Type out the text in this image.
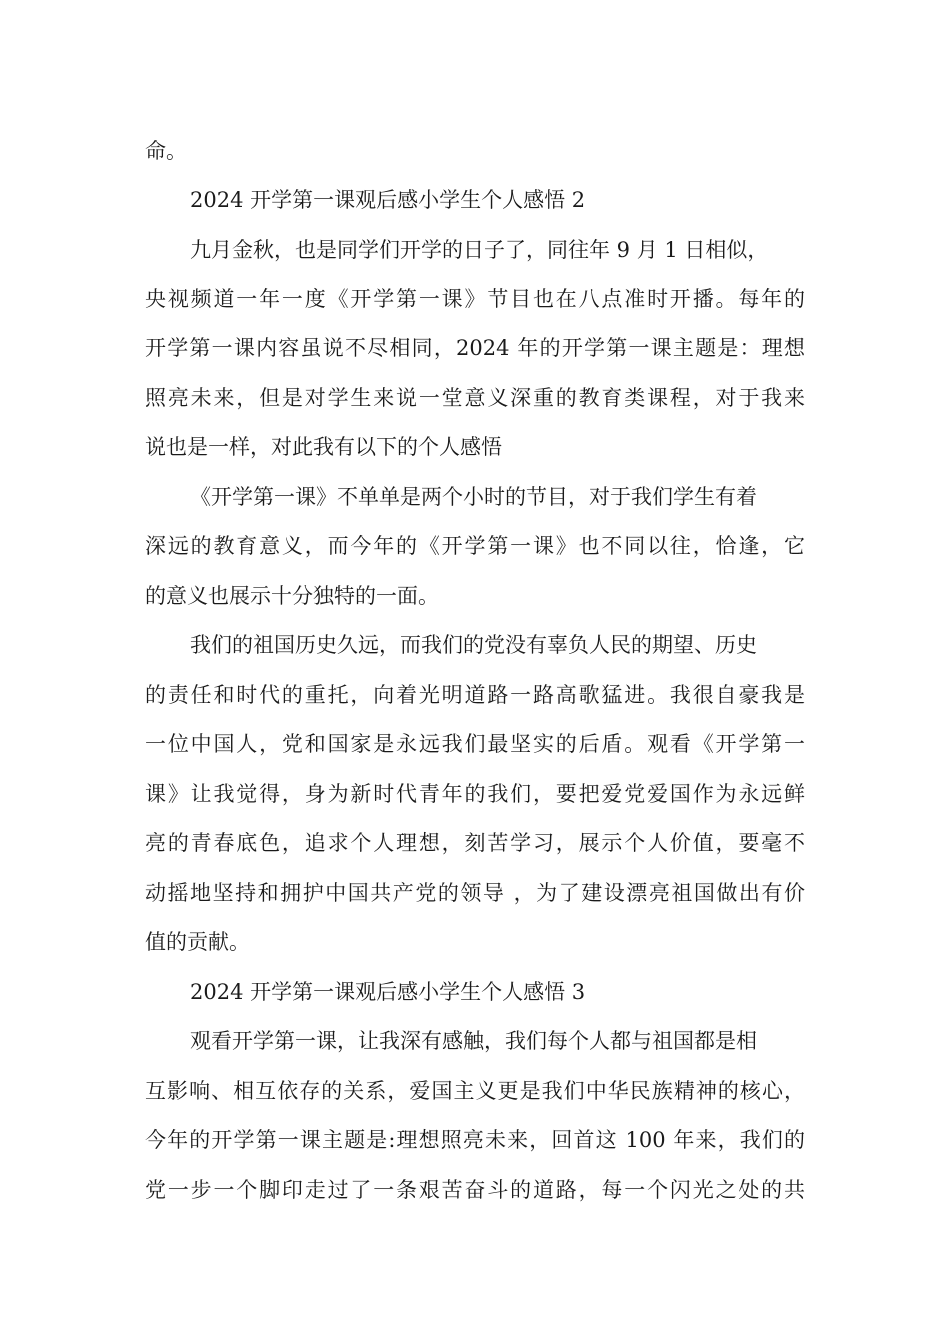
命。
2024 开学第一课观后感小学生个人感悟 2
九月金秋，也是同学们开学的日子了，同往年 9 月 1 日相似，
央视频道一年一度《开学第一课》节目也在八点准时开播。每年的
开学第一课内容虽说不尽相同，2024 年的开学第一课主题是：理想
照亮未来，但是对学生来说一堂意义深重的教育类课程，对于我来
说也是一样，对此我有以下的个人感悟
《开学第一课》不单单是两个小时的节目，对于我们学生有着
深远的教育意义，而今年的《开学第一课》也不同以往，恰逢，它
的意义也展示十分独特的一面。
我们的祖国历史久远，而我们的党没有辜负人民的期望、历史
的责任和时代的重托，向着光明道路一路高歌猛进。我很自豪我是
一位中国人，党和国家是永远我们最坚实的后盾。观看《开学第一
课》让我觉得，身为新时代青年的我们，要把爱党爱国作为永远鲜
亮的青春底色，追求个人理想，刻苦学习，展示个人价值，要毫不
动摇地坚持和拥护中国共产党的领导 ，为了建设漂亮祖国做出有价
值的贡献。
2024 开学第一课观后感小学生个人感悟 3
观看开学第一课，让我深有感触，我们每个人都与祖国都是相
互影响、相互依存的关系，爱国主义更是我们中华民族精神的核心，
今年的开学第一课主题是:理想照亮未来，回首这 100 年来，我们的
党一步一个脚印走过了一条艰苦奋斗的道路，每一个闪光之处的共
